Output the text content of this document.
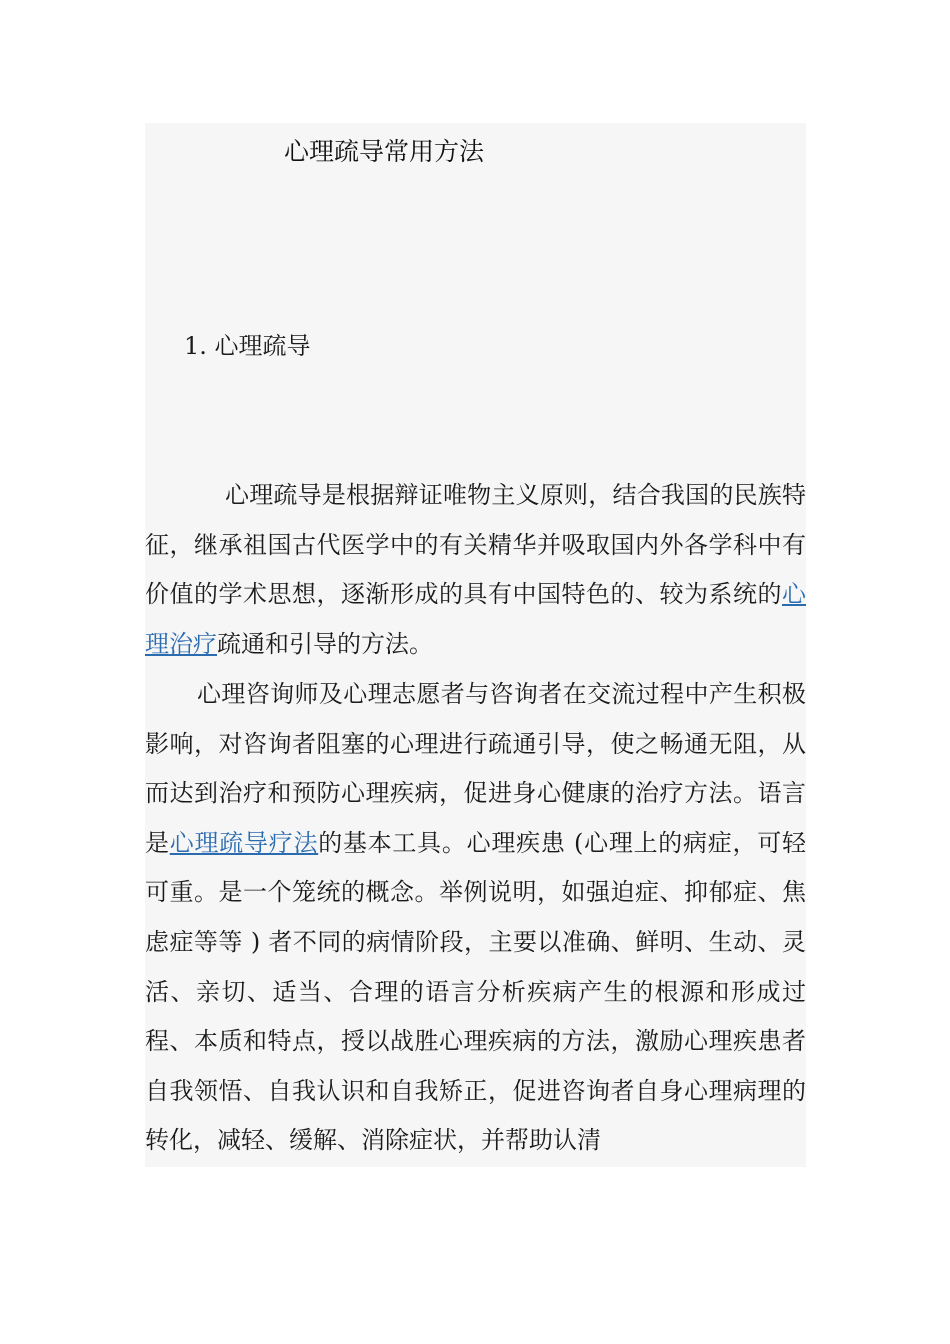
心理疏导常用方法
1. 心理疏导

心理疏导是根据辩证唯物主义原则，结合我国的民族特征，继承祖国古代医学中的有关精华并吸取国内外各学科中有价值的学术思想，逐渐形成的具有中国特色的、较为系统的心理治疗疏通和引导的方法。

心理咨询师及心理志愿者与咨询者在交流过程中产生积极影响，对咨询者阻塞的心理进行疏通引导，使之畅通无阻，从而达到治疗和预防心理疾病，促进身心健康的治疗方法。语言是心理疏导疗法的基本工具。心理疾患 (心理上的病症，可轻可重。是一个笼统的概念。举例说明，如强迫症、抑郁症、焦虑症等等 ) 者不同的病情阶段，主要以准确、鲜明、生动、灵活、亲切、适当、合理的语言分析疾病产生的根源和形成过程、本质和特点，授以战胜心理疾病的方法，激励心理疾患者自我领悟、自我认识和自我矫正，促进咨询者自身心理病理的转化，减轻、缓解、消除症状，并帮助认清
